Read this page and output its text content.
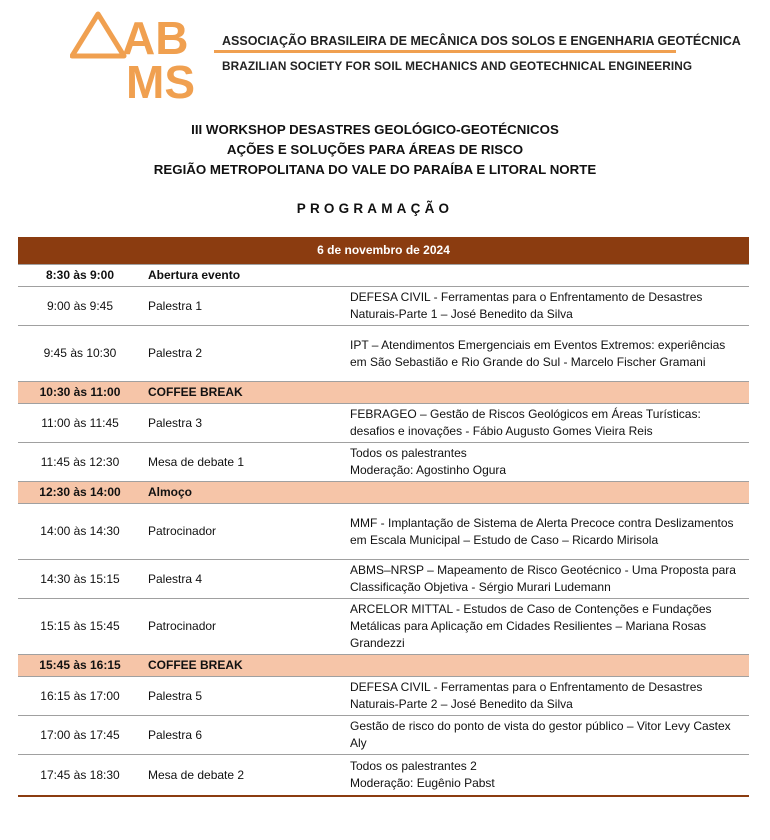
AB
MS
ASSOCIAÇÃO BRASILEIRA DE MECÂNICA DOS SOLOS E ENGENHARIA GEOTÉCNICA
BRAZILIAN SOCIETY FOR SOIL MECHANICS AND GEOTECHNICAL ENGINEERING
III WORKSHOP DESASTRES GEOLÓGICO-GEOTÉCNICOS
AÇÕES E SOLUÇÕES PARA ÁREAS DE RISCO
REGIÃO METROPOLITANA DO VALE DO PARAÍBA E LITORAL NORTE
PROGRAMAÇÃO
6 de novembro de 2024		
8:30 às 9:00	Abertura evento	
9:00 às 9:45	Palestra 1	DEFESA CIVIL - Ferramentas para o Enfrentamento de Desastres Naturais-Parte 1 – José Benedito da Silva
9:45 às 10:30	Palestra 2	IPT – Atendimentos Emergenciais em Eventos Extremos: experiências em São Sebastião e Rio Grande do Sul - Marcelo Fischer Gramani
10:30 às 11:00	COFFEE BREAK	
11:00 às 11:45	Palestra 3	FEBRAGEO – Gestão de Riscos Geológicos em Áreas Turísticas: desafios e inovações - Fábio Augusto Gomes Vieira Reis
11:45 às 12:30	Mesa de debate 1	Todos os palestrantes
Moderação: Agostinho Ogura

12:30 às 14:00	Almoço	
14:00 às 14:30	Patrocinador	MMF - Implantação de Sistema de Alerta Precoce contra Deslizamentos em Escala Municipal – Estudo de Caso – Ricardo Mirisola
14:30 às 15:15	Palestra 4	ABMS–NRSP – Mapeamento de Risco Geotécnico - Uma Proposta para Classificação Objetiva - Sérgio Murari Ludemann
15:15 às 15:45	Patrocinador	ARCELOR MITTAL - Estudos de Caso de Contenções e Fundações Metálicas para Aplicação em Cidades Resilientes – Mariana Rosas Grandezzi
15:45 às 16:15	COFFEE BREAK	
16:15 às 17:00	Palestra 5	DEFESA CIVIL - Ferramentas para o Enfrentamento de Desastres Naturais-Parte 2 – José Benedito da Silva
17:00 às 17:45	Palestra 6	Gestão de risco do ponto de vista do gestor público – Vitor Levy Castex Aly
17:45 às 18:30	Mesa de debate 2	Todos os palestrantes 2
Moderação: Eugênio Pabst
